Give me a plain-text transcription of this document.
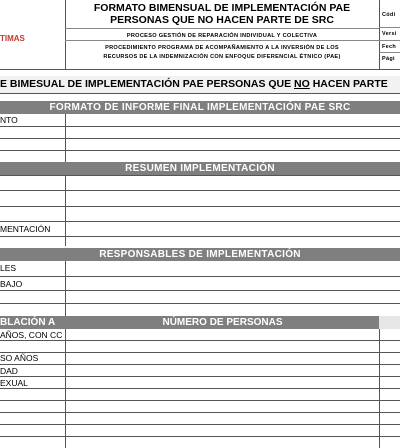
TIMAS
FORMATO BIMENSUAL DE IMPLEMENTACIÓN PAE
PERSONAS QUE NO HACEN PARTE DE SRC
PROCESO GESTIÓN DE REPARACIÓN INDIVIDUAL Y COLECTIVA
PROCEDIMIENTO PROGRAMA DE ACOMPAÑAMIENTO A LA INVERSIÓN DE LOS
RECURSOS DE LA INDEMNIZACIÓN CON ENFOQUE DIFERENCIAL ÉTNICO (PAE)
Códi
Versi
Fech
Pági
E BIMESUAL DE IMPLEMENTACIÓN PAE PERSONAS QUE NO HACEN PARTE
FORMATO DE INFORME FINAL IMPLEMENTACIÓN PAE SRC
NTO
RESUMEN IMPLEMENTACIÓN
MENTACIÓN
RESPONSABLES DE IMPLEMENTACIÓN
LES
BAJO
BLACIÓN A	NÚMERO DE PERSONAS
AÑOS, CON CC
SO AÑOS
DAD
EXUAL
